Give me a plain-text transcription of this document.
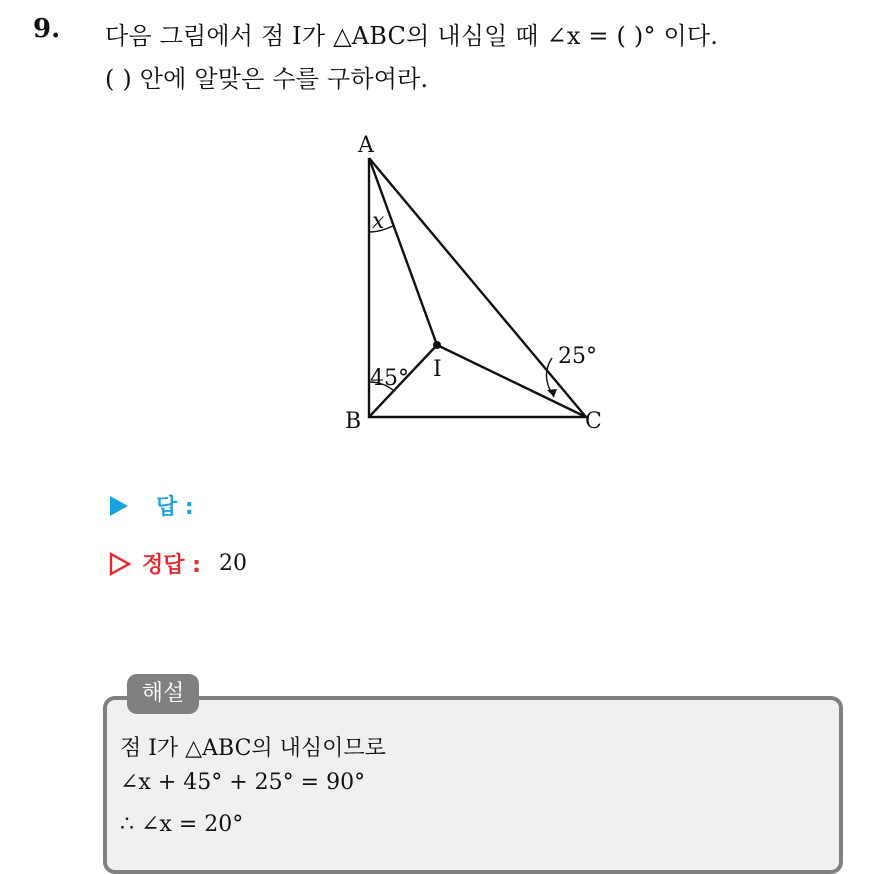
9. 다음 그림에서 점 I가 △ABC의 내심일 때 ∠x = ( )° 이다.
( ) 안에 알맞은 수를 구하여라.
A
B	C
I
x
45°
25°
답 :
정답 : 20
해설
점 I가 △ABC의 내심이므로
∠x + 45° + 25° = 90°
∴ ∠x = 20°
